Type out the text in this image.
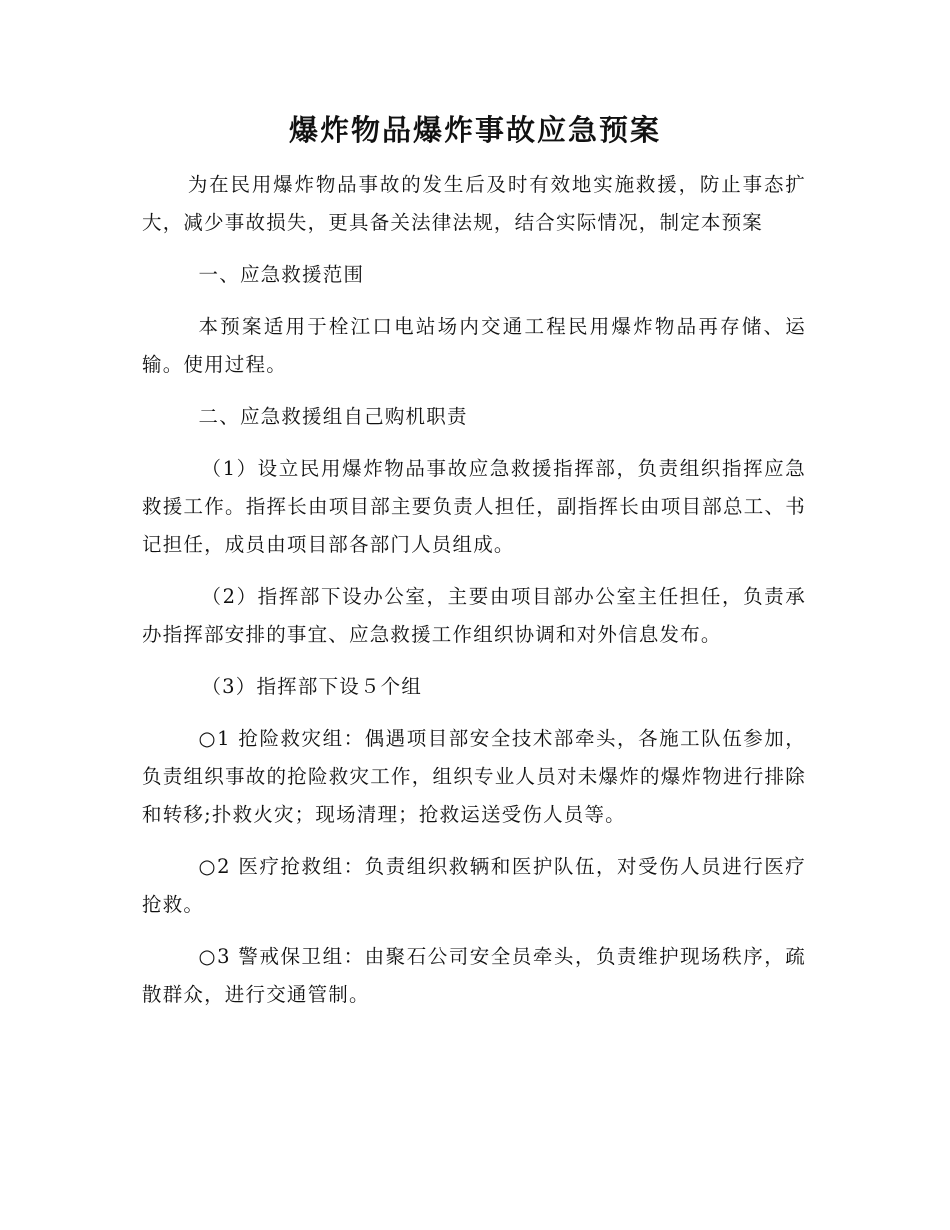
爆炸物品爆炸事故应急预案

为在民用爆炸物品事故的发生后及时有效地实施救援，防止事态扩大，减少事故损失，更具备关法律法规，结合实际情况，制定本预案

一、应急救援范围

本预案适用于栓江口电站场内交通工程民用爆炸物品再存储、运输。使用过程。

二、应急救援组自己购机职责

（1）设立民用爆炸物品事故应急救援指挥部，负责组织指挥应急救援工作。指挥长由项目部主要负责人担任，副指挥长由项目部总工、书记担任，成员由项目部各部门人员组成。

（2）指挥部下设办公室，主要由项目部办公室主任担任，负责承办指挥部安排的事宜、应急救援工作组织协调和对外信息发布。

（3）指挥部下设５个组

○1 抢险救灾组：偶遇项目部安全技术部牵头，各施工队伍参加，负责组织事故的抢险救灾工作，组织专业人员对未爆炸的爆炸物进行排除和转移;扑救火灾；现场清理；抢救运送受伤人员等。

○2 医疗抢救组：负责组织救辆和医护队伍，对受伤人员进行医疗抢救。

○3 警戒保卫组：由聚石公司安全员牵头，负责维护现场秩序，疏散群众，进行交通管制。
